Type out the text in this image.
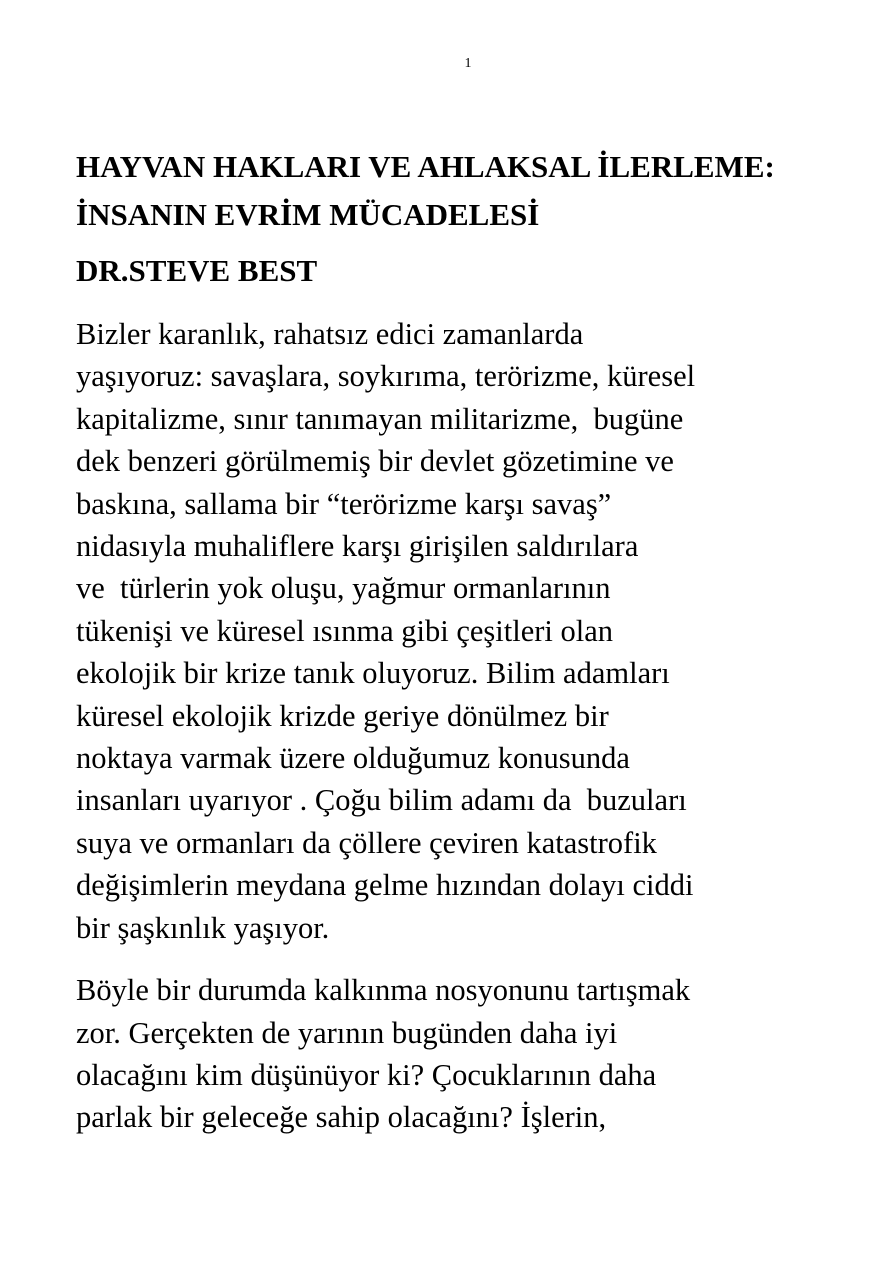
1
HAYVAN HAKLARI VE AHLAKSAL İLERLEME:
İNSANIN EVRİM MÜCADELESİ
DR.STEVE BEST
Bizler karanlık, rahatsız edici zamanlarda
yaşıyoruz: savaşlara, soykırıma, terörizme, küresel
kapitalizme, sınır tanımayan militarizme,  bugüne
dek benzeri görülmemiş bir devlet gözetimine ve
baskına, sallama bir “terörizme karşı savaş”
nidasıyla muhaliflere karşı girişilen saldırılara
ve  türlerin yok oluşu, yağmur ormanlarının
tükenişi ve küresel ısınma gibi çeşitleri olan
ekolojik bir krize tanık oluyoruz. Bilim adamları
küresel ekolojik krizde geriye dönülmez bir
noktaya varmak üzere olduğumuz konusunda
insanları uyarıyor . Çoğu bilim adamı da  buzuları
suya ve ormanları da çöllere çeviren katastrofik
değişimlerin meydana gelme hızından dolayı ciddi
bir şaşkınlık yaşıyor.
Böyle bir durumda kalkınma nosyonunu tartışmak
zor. Gerçekten de yarının bugünden daha iyi
olacağını kim düşünüyor ki? Çocuklarının daha
parlak bir geleceğe sahip olacağını? İşlerin,
